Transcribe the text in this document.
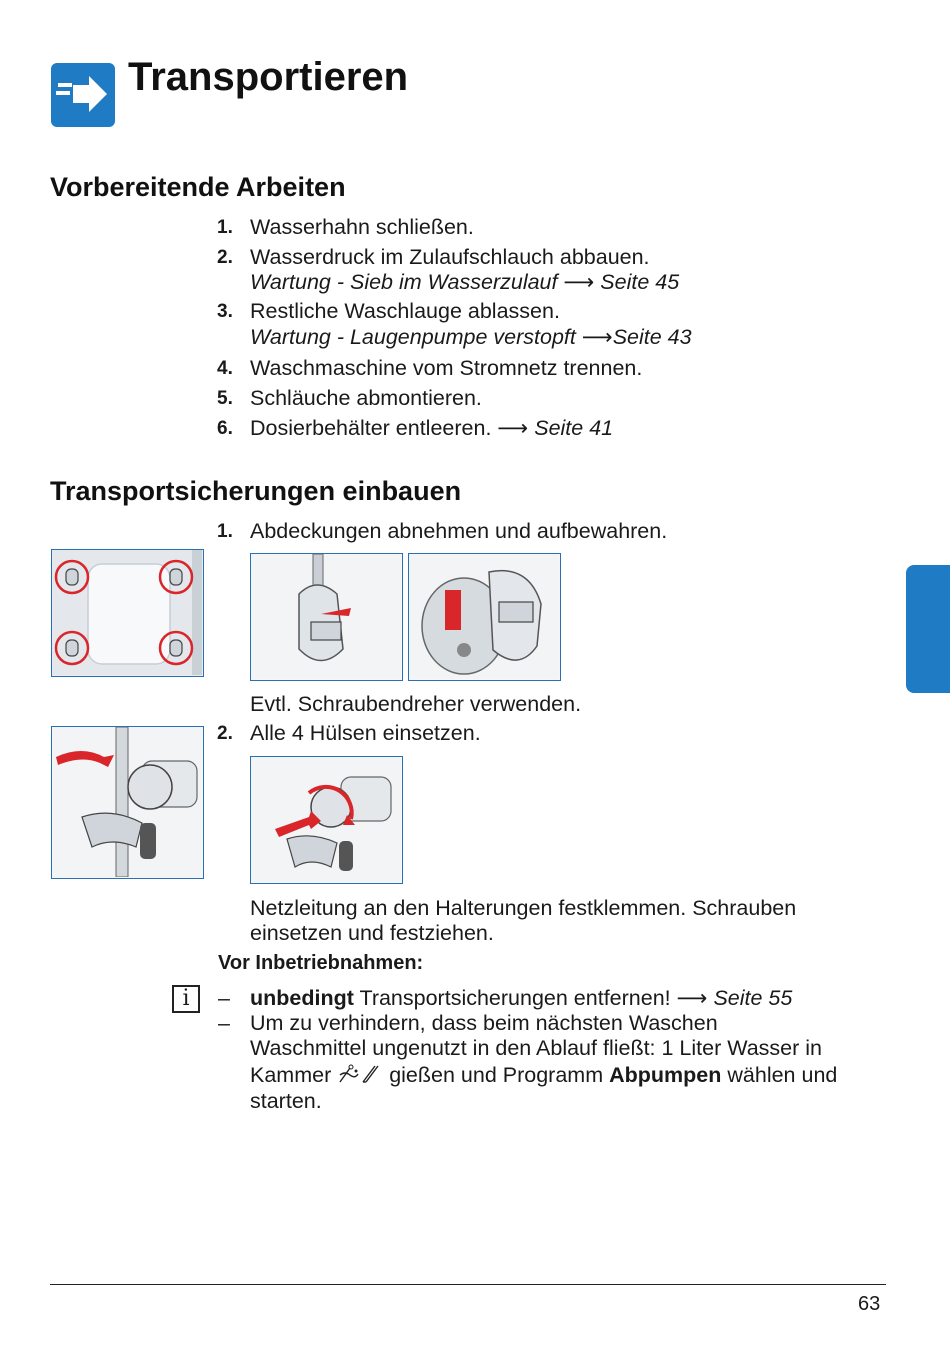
Transportieren
Vorbereitende Arbeiten
1. Wasserhahn schließen.
2. Wasserdruck im Zulaufschlauch abbauen.
Wartung - Sieb im Wasserzulauf ⟶ Seite 45
3. Restliche Waschlauge ablassen.
Wartung - Laugenpumpe verstopft ⟶Seite 43
4. Waschmaschine vom Stromnetz trennen.
5. Schläuche abmontieren.
6. Dosierbehälter entleeren. ⟶ Seite 41
Transportsicherungen einbauen
1. Abdeckungen abnehmen und aufbewahren.
Evtl. Schraubendreher verwenden.
2. Alle 4 Hülsen einsetzen.
Netzleitung an den Halterungen festklemmen. Schrauben
einsetzen und festziehen.
Vor Inbetriebnahmen:
i	– unbedingt Transportsicherungen entfernen! ⟶ Seite 55
– Um zu verhindern, dass beim nächsten Waschen
Waschmittel ungenutzt in den Ablauf fließt: 1 Liter Wasser in
Kammer	gießen und Programm Abpumpen wählen und
starten.
63
